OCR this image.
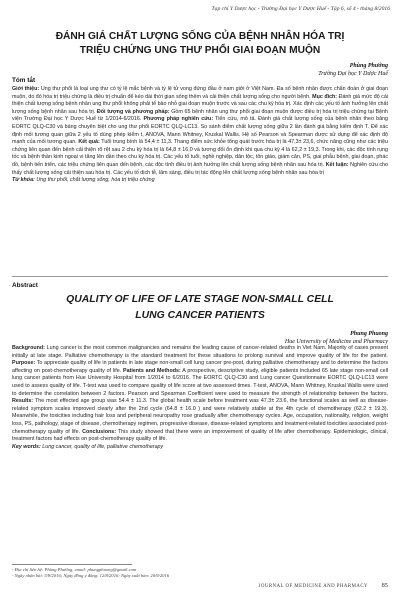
Tạp chí Y Dược học - Trường Đại học Y Dược Huế - Tập 6, số 4 - tháng 8/2016
ĐÁNH GIÁ CHẤT LƯỢNG SỐNG CỦA BỆNH NHÂN HÓA TRỊ
TRIỆU CHỨNG UNG THƯ PHỔI GIAI ĐOẠN MUỘN
Phùng Phướng
Trường Đại học Y Dược Huế
Tóm tắt
Giới thiệu: Ung thư phổi là loại ung thư có tỷ lệ mắc bệnh và tỷ lệ tử vong đứng đầu ở nam giới ở Việt Nam. Đa số bệnh nhân được chẩn đoán ở giai đoạn muộn, do đó hóa trị triệu chứng là điều trị chuẩn để kéo dài thời gian sống thêm và cải thiện chất lượng sống cho người bệnh. Mục đích: Đánh giá mức độ cải thiện chất lượng sống bệnh nhân ung thư phổi không phải tế bào nhỏ giai đoạn muộn trước và sau các chu kỳ hóa trị. Xác định các yếu tố ảnh hưởng lên chất lượng sống bệnh nhân sau hóa trị. Đối tượng và phương pháp: Gồm 65 bệnh nhân ung thư phổi giai đoạn muộn được điều trị hóa trị triệu chứng tại Bệnh viện Trường Đại học Y Dược Huế từ 1/2014-6/2016. Phương pháp nghiên cứu: Tiến cứu, mô tả. Đánh giá chất lượng sống của bệnh nhân theo bảng EORTC QLQ-C30 và bảng chuyên biệt cho ung thư phổi EORTC QLQ-LC13. So sánh điểm chất lượng sống giữa 2 lần đánh giá bằng kiểm định T. Để xác định mối tương quan giữa 2 yếu tố dùng phép kiểm t, ANOVA, Mann Whitney, Kruskal Wallis. Hệ số Pearson và Spearman được sử dụng để xác định độ mạnh của mối tương quan. Kết quả: Tuổi trung bình là 54,4 ± 11,3. Thang điểm sức khỏe tổng quát trước hóa trị là 47,3± 23,6, chức năng cũng như các triệu chứng liên quan đến bệnh cải thiện rõ rệt sau 2 chu kỳ hóa trị là 64,8 ± 16,0 và tương đối ổn định khi qua chu kỳ 4 là 62,2 ± 19,3. Trong khi, các độc tính rụng tóc và bệnh thần kinh ngoại vi tăng lên dần theo chu kỳ hóa trị. Các yếu tố tuổi, nghề nghiệp, dân tộc, tôn giáo, giám căn, PS, giai phẫu bệnh, giai đoạn, phác đồ, bệnh tiến triển, các triệu chứng liên quan đến bệnh, các độc tính điều trị ảnh hưởng lên chất lượng sống bệnh nhân sau hóa trị. Kết luận: Nghiên cứu cho thấy chất lượng sống cải thiện sau hóa trị. Các yếu tố dịch tễ, lâm sàng, điều trị tác động lên chất lượng sống bệnh nhân sau hóa trị
Từ khóa: Ung thư phổi, chất lượng sống, hóa trị triệu chứng
Abstract
QUALITY OF LIFE OF LATE STAGE NON-SMALL CELL
LUNG CANCER PATIENTS
Phung Phuong
Hue University of Medicine and Pharmacy
Background: Lung cancer is the most common malignancies and remains the leading cause of cancer-related deaths in Viet Nam. Majority of cases present initially at late stage. Palliative chemotherapy is the standard treatment for these situations to prolong survival and improve quality of life for the patient. Purpose: To appreciate quality of life in patients in late stage non-small cell lung cancer pre-post, during palliative chemotherapy and to determine the factors affecting on post-chemotherapy quality of life. Patients and Methods: A prospective, descriptive study, eligible patients included 65 late stage non-small cell lung cancer patients from Hue University Hospital from 1/2014 to 6/2016. The EORTC QLQ-C30 and Lung cancer Questionnaire EORTC QLQ-LC13 were used to assess quality of life. T-test was used to compare quality of life score at two assessed times. T-test, ANOVA, Mann Whitney, Kruskal Wallis were used to determine the correlation between 2 factors. Pearson and Spearman Coefficient were used to measure the strength of relationship between the factors. Results: The most effected age group was 54.4 ± 11.3. The global health scale before treatment was 47.3± 23.6, the functional scales as well as disease-related symptom scales improved clearly after the 2nd cycle (64.8 ± 16.0 ) and were relatively stable at the 4th cycle of chemotherapy (62.2 ± 19.3). Meanwhile, the toxicities including hair loss and peripheral neuropathy rose gradually after chemotherapy cycles. Age, occupation, nationality, religion, weight loss, PS, pathology, stage of disease, chemotherapy regimen, progressive disease, disease-related symptoms and treatment-related toxicities associated post-chemotherapy quality of life. Conclusions: This study showed that there were an improvement of quality of life after chemotherapy. Epidemiologic, clinical, treatment factors had effects on post-chemotherapy quality of life.
Key words: Lung cancer, quality of life, palliative chemotherapy
- Địa chỉ liên hệ: Phùng Phướng, email: phungphuong@gmail.com
- Ngày nhận bài: 5/8/2016; Ngày đồng ý đăng: 12/8/2016; Ngày xuất bản: 20/9/2016
JOURNAL OF MEDICINE AND PHARMACY 85
